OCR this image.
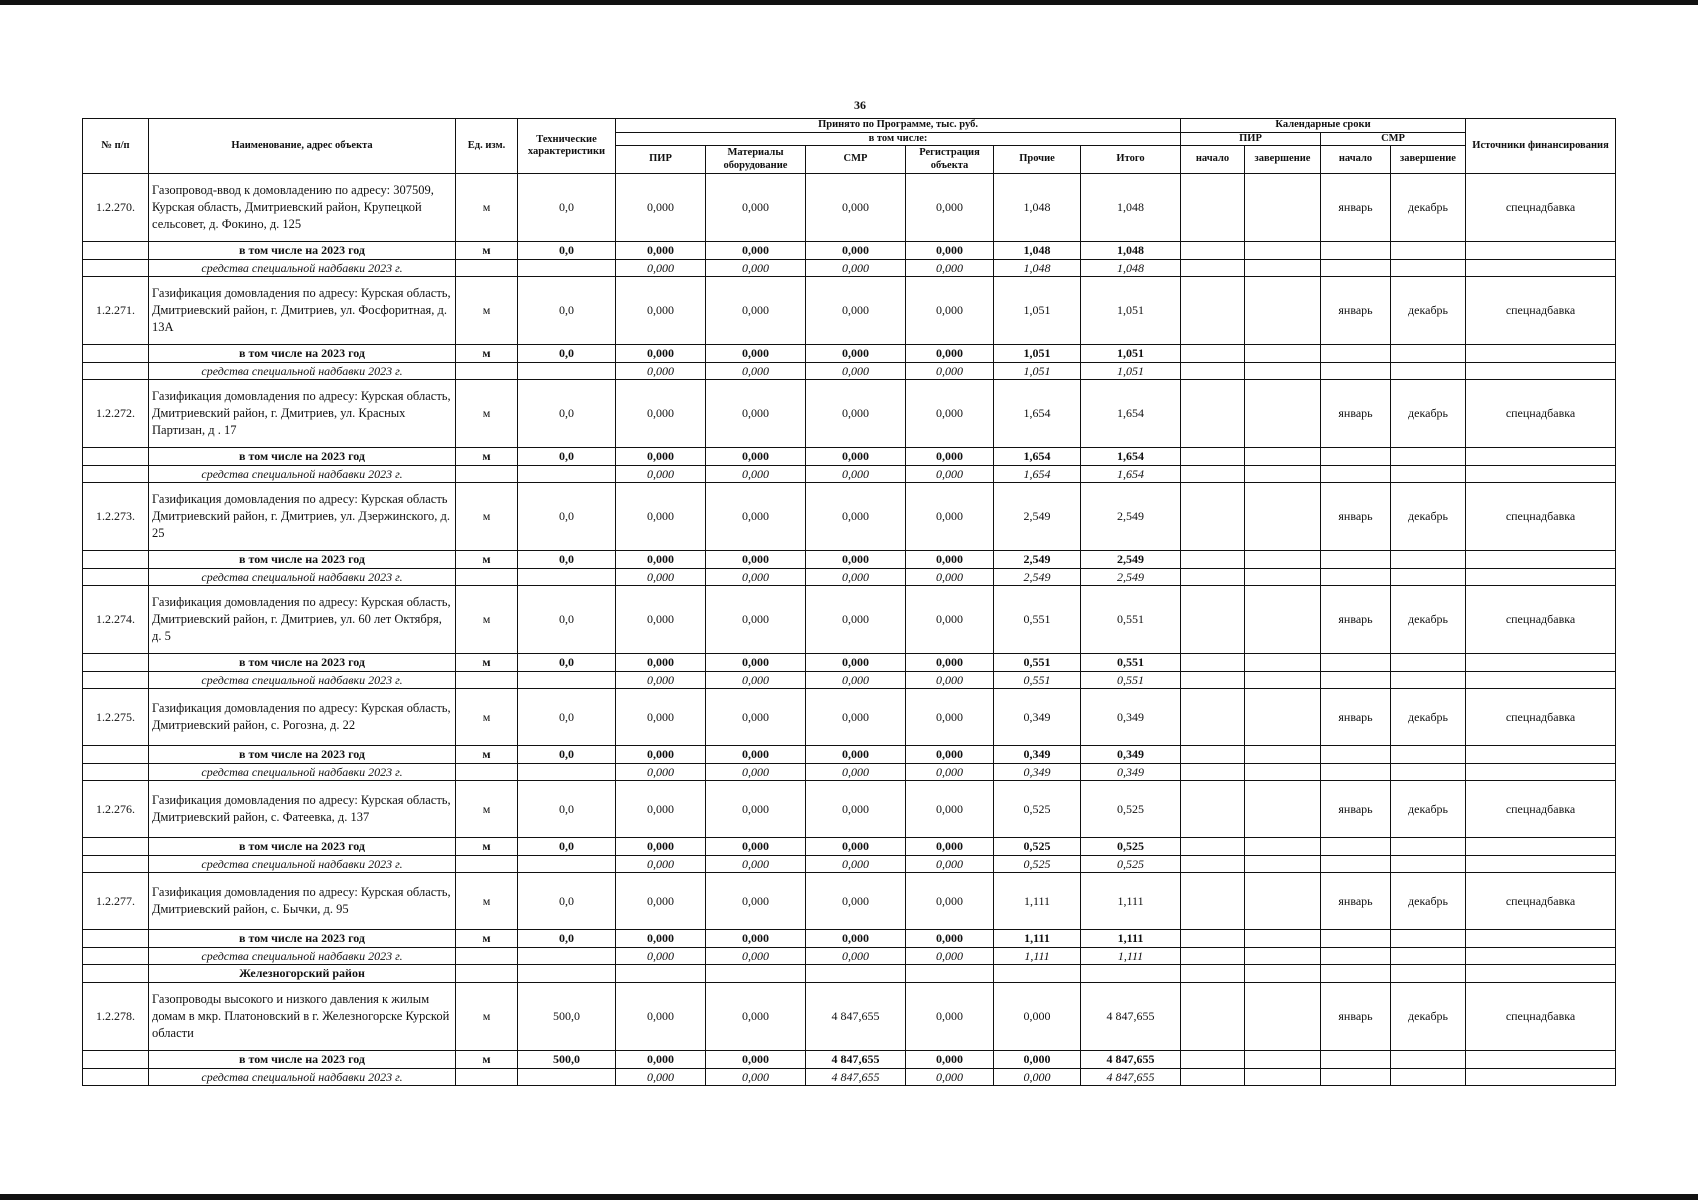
36
№ п/п	Наименование, адрес объекта	Ед. изм.	Технические характеристики	Принято по Программе, тыс. руб.						Календарные сроки				Источники финансирования
				в том числе:						ПИР		СМР		
				ПИР	Материалы оборудование	СМР	Регистрация объекта	Прочие	Итого	начало	завершение	начало	завершение	
1.2.270.	Газопровод-ввод к домовладению по адресу: 307509, Курская область, Дмитриевский район, Крупецкой сельсовет, д. Фокино, д. 125	м	0,0	0,000	0,000	0,000	0,000	1,048	1,048			январь	декабрь	спецнадбавка
	в том числе на 2023 год	м	0,0	0,000	0,000	0,000	0,000	1,048	1,048					
	средства специальной надбавки 2023 г.			0,000	0,000	0,000	0,000	1,048	1,048					
1.2.271.	Газификация домовладения по адресу: Курская область, Дмитриевский район, г. Дмитриев, ул. Фосфоритная, д. 13А	м	0,0	0,000	0,000	0,000	0,000	1,051	1,051			январь	декабрь	спецнадбавка
	в том числе на 2023 год	м	0,0	0,000	0,000	0,000	0,000	1,051	1,051					
	средства специальной надбавки 2023 г.			0,000	0,000	0,000	0,000	1,051	1,051					
1.2.272.	Газификация домовладения по адресу: Курская область, Дмитриевский район, г. Дмитриев, ул. Красных Партизан, д . 17	м	0,0	0,000	0,000	0,000	0,000	1,654	1,654			январь	декабрь	спецнадбавка
	в том числе на 2023 год	м	0,0	0,000	0,000	0,000	0,000	1,654	1,654					
	средства специальной надбавки 2023 г.			0,000	0,000	0,000	0,000	1,654	1,654					
1.2.273.	Газификация домовладения по адресу: Курская область Дмитриевский район, г. Дмитриев, ул. Дзержинского, д. 25	м	0,0	0,000	0,000	0,000	0,000	2,549	2,549			январь	декабрь	спецнадбавка
	в том числе на 2023 год	м	0,0	0,000	0,000	0,000	0,000	2,549	2,549					
	средства специальной надбавки 2023 г.			0,000	0,000	0,000	0,000	2,549	2,549					
1.2.274.	Газификация домовладения по адресу: Курская область, Дмитриевский район, г. Дмитриев, ул. 60 лет Октября, д. 5	м	0,0	0,000	0,000	0,000	0,000	0,551	0,551			январь	декабрь	спецнадбавка
	в том числе на 2023 год	м	0,0	0,000	0,000	0,000	0,000	0,551	0,551					
	средства специальной надбавки 2023 г.			0,000	0,000	0,000	0,000	0,551	0,551					
1.2.275.	Газификация домовладения по адресу: Курская область, Дмитриевский район, с. Рогозна, д. 22	м	0,0	0,000	0,000	0,000	0,000	0,349	0,349			январь	декабрь	спецнадбавка
	в том числе на 2023 год	м	0,0	0,000	0,000	0,000	0,000	0,349	0,349					
	средства специальной надбавки 2023 г.			0,000	0,000	0,000	0,000	0,349	0,349					
1.2.276.	Газификация домовладения по адресу: Курская область, Дмитриевский район, с. Фатеевка, д. 137	м	0,0	0,000	0,000	0,000	0,000	0,525	0,525			январь	декабрь	спецнадбавка
	в том числе на 2023 год	м	0,0	0,000	0,000	0,000	0,000	0,525	0,525					
	средства специальной надбавки 2023 г.			0,000	0,000	0,000	0,000	0,525	0,525					
1.2.277.	Газификация домовладения по адресу: Курская область, Дмитриевский район, с. Бычки, д. 95	м	0,0	0,000	0,000	0,000	0,000	1,111	1,111			январь	декабрь	спецнадбавка
	в том числе на 2023 год	м	0,0	0,000	0,000	0,000	0,000	1,111	1,111					
	средства специальной надбавки 2023 г.			0,000	0,000	0,000	0,000	1,111	1,111					
	Железногорский район													
1.2.278.	Газопроводы высокого и низкого давления к жилым домам в мкр. Платоновский в г. Железногорске Курской области	м	500,0	0,000	0,000	4 847,655	0,000	0,000	4 847,655			январь	декабрь	спецнадбавка
	в том числе на 2023 год	м	500,0	0,000	0,000	4 847,655	0,000	0,000	4 847,655					
	средства специальной надбавки 2023 г.			0,000	0,000	4 847,655	0,000	0,000	4 847,655					
